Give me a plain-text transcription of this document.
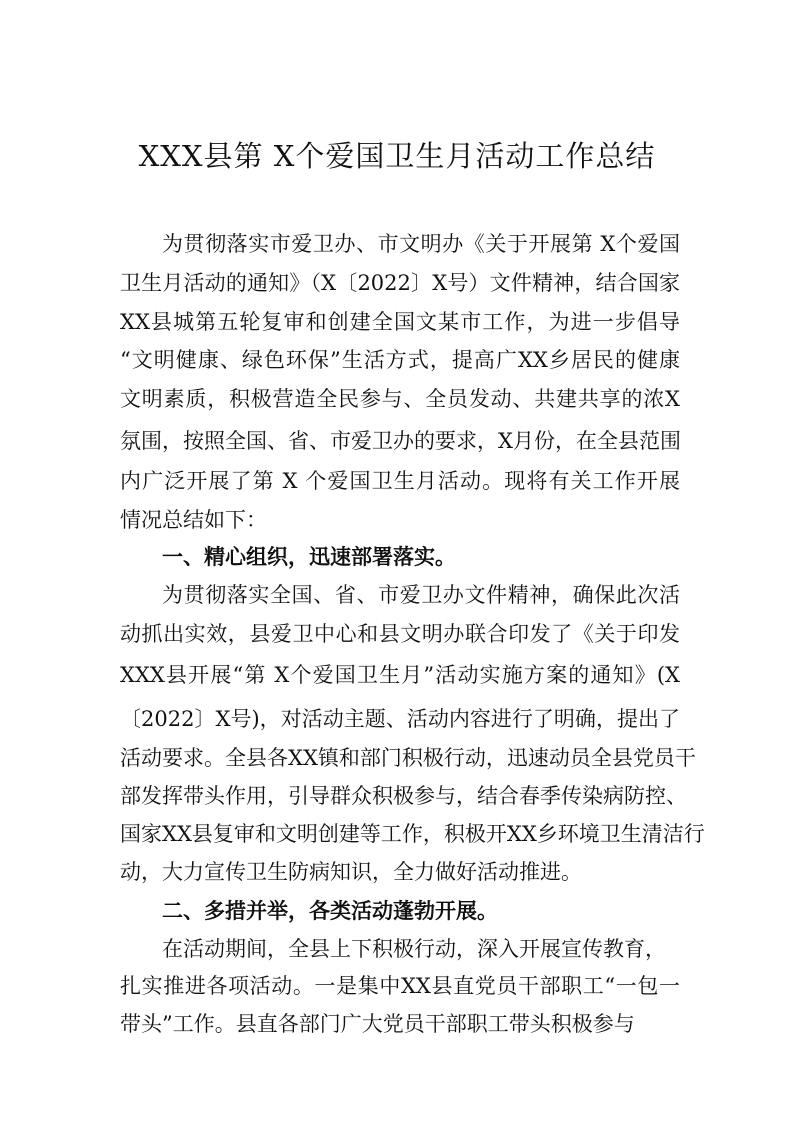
XXX县第 X个爱国卫生月活动工作总结
为贯彻落实市爱卫办、市文明办《关于开展第 X个爱国
卫生月活动的通知》（X〔2022〕X号）文件精神，结合国家
XX县城第五轮复审和创建全国文某市工作，为进一步倡导
“文明健康、绿色环保”生活方式，提高广XX乡居民的健康
文明素质，积极营造全民参与、全员发动、共建共享的浓X
氛围，按照全国、省、市爱卫办的要求，X月份，在全县范围
内广泛开展了第 X 个爱国卫生月活动。现将有关工作开展
情况总结如下：
一、精心组织，迅速部署落实。
为贯彻落实全国、省、市爱卫办文件精神，确保此次活
动抓出实效，县爱卫中心和县文明办联合印发了《关于印发
XXX县开展“第 X个爱国卫生月”活动实施方案的通知》(X
〔2022〕X号)，对活动主题、活动内容进行了明确，提出了
活动要求。全县各XX镇和部门积极行动，迅速动员全县党员干
部发挥带头作用，引导群众积极参与，结合春季传染病防控、
国家XX县复审和文明创建等工作，积极开XX乡环境卫生清洁行
动，大力宣传卫生防病知识，全力做好活动推进。
二、多措并举，各类活动蓬勃开展。
在活动期间，全县上下积极行动，深入开展宣传教育，
扎实推进各项活动。一是集中XX县直党员干部职工“一包一
带头”工作。县直各部门广大党员干部职工带头积极参与
